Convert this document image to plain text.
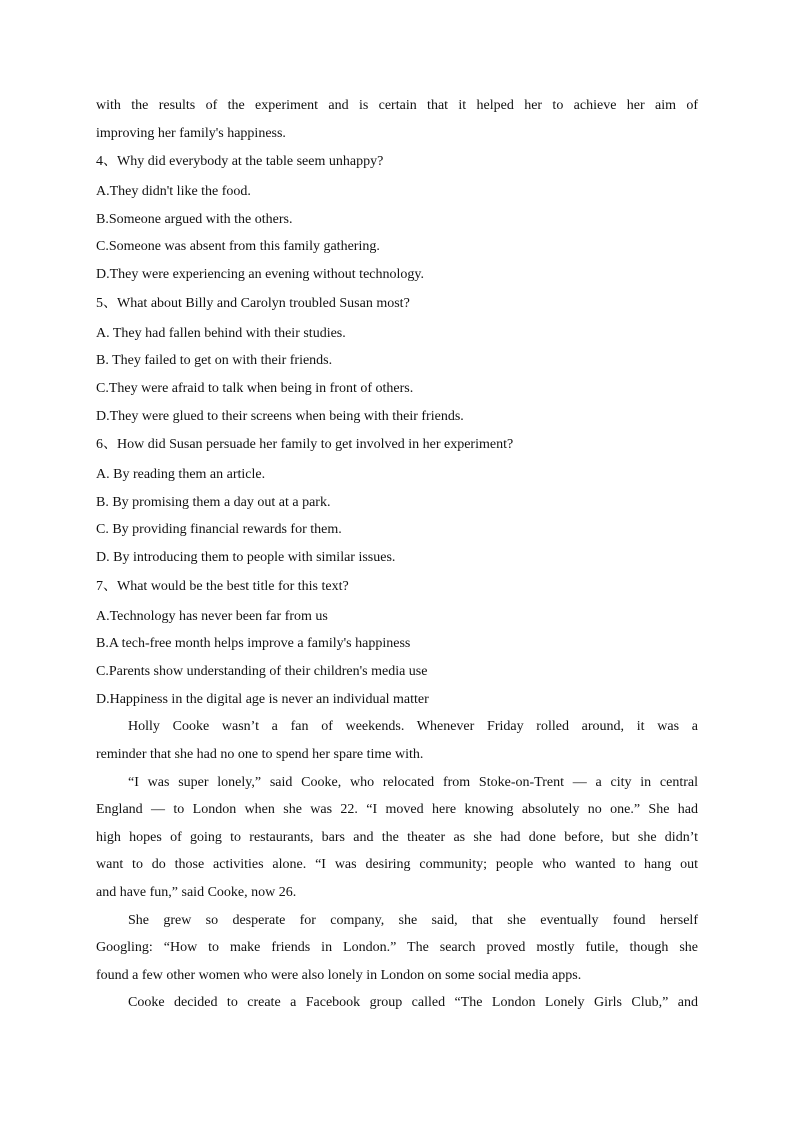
with the results of the experiment and is certain that it helped her to achieve her aim of
improving her family's happiness.
4、Why did everybody at the table seem unhappy?
A.They didn't like the food.
B.Someone argued with the others.
C.Someone was absent from this family gathering.
D.They were experiencing an evening without technology.
5、What about Billy and Carolyn troubled Susan most?
A. They had fallen behind with their studies.
B. They failed to get on with their friends.
C.They were afraid to talk when being in front of others.
D.They were glued to their screens when being with their friends.
6、How did Susan persuade her family to get involved in her experiment?
A. By reading them an article.
B. By promising them a day out at a park.
C. By providing financial rewards for them.
D. By introducing them to people with similar issues.
7、What would be the best title for this text?
A.Technology has never been far from us
B.A tech-free month helps improve a family's happiness
C.Parents show understanding of their children's media use
D.Happiness in the digital age is never an individual matter
Holly Cooke wasn’t a fan of weekends. Whenever Friday rolled around, it was a
reminder that she had no one to spend her spare time with.
“I was super lonely,” said Cooke, who relocated from Stoke-on-Trent — a city in central
England — to London when she was 22. “I moved here knowing absolutely no one.” She had
high hopes of going to restaurants, bars and the theater as she had done before, but she didn’t
want to do those activities alone. “I was desiring community; people who wanted to hang out
and have fun,” said Cooke, now 26.
She grew so desperate for company, she said, that she eventually found herself
Googling: “How to make friends in London.” The search proved mostly futile, though she
found a few other women who were also lonely in London on some social media apps.
Cooke decided to create a Facebook group called “The London Lonely Girls Club,” and
